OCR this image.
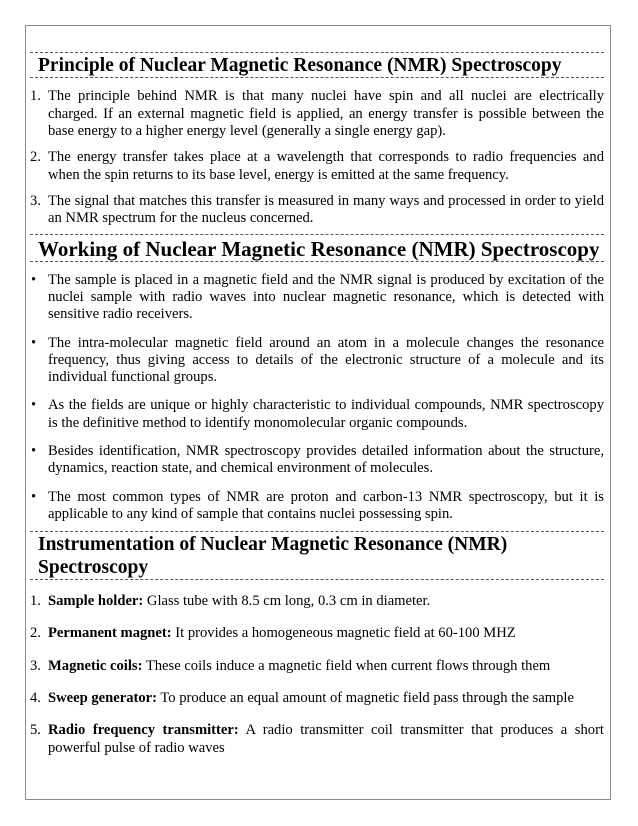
Principle of Nuclear Magnetic Resonance (NMR) Spectroscopy
1. The principle behind NMR is that many nuclei have spin and all nuclei are electrically charged. If an external magnetic field is applied, an energy transfer is possible between the base energy to a higher energy level (generally a single energy gap).
2. The energy transfer takes place at a wavelength that corresponds to radio frequencies and when the spin returns to its base level, energy is emitted at the same frequency.
3. The signal that matches this transfer is measured in many ways and processed in order to yield an NMR spectrum for the nucleus concerned.
Working of Nuclear Magnetic Resonance (NMR) Spectroscopy
• The sample is placed in a magnetic field and the NMR signal is produced by excitation of the nuclei sample with radio waves into nuclear magnetic resonance, which is detected with sensitive radio receivers.
• The intra-molecular magnetic field around an atom in a molecule changes the resonance frequency, thus giving access to details of the electronic structure of a molecule and its individual functional groups.
• As the fields are unique or highly characteristic to individual compounds, NMR spectroscopy is the definitive method to identify monomolecular organic compounds.
• Besides identification, NMR spectroscopy provides detailed information about the structure, dynamics, reaction state, and chemical environment of molecules.
• The most common types of NMR are proton and carbon-13 NMR spectroscopy, but it is applicable to any kind of sample that contains nuclei possessing spin.
Instrumentation of Nuclear Magnetic Resonance (NMR) Spectroscopy
1. Sample holder: Glass tube with 8.5 cm long, 0.3 cm in diameter.
2. Permanent magnet: It provides a homogeneous magnetic field at 60-100 MHZ
3. Magnetic coils: These coils induce a magnetic field when current flows through them
4. Sweep generator: To produce an equal amount of magnetic field pass through the sample
5. Radio frequency transmitter: A radio transmitter coil transmitter that produces a short powerful pulse of radio waves
